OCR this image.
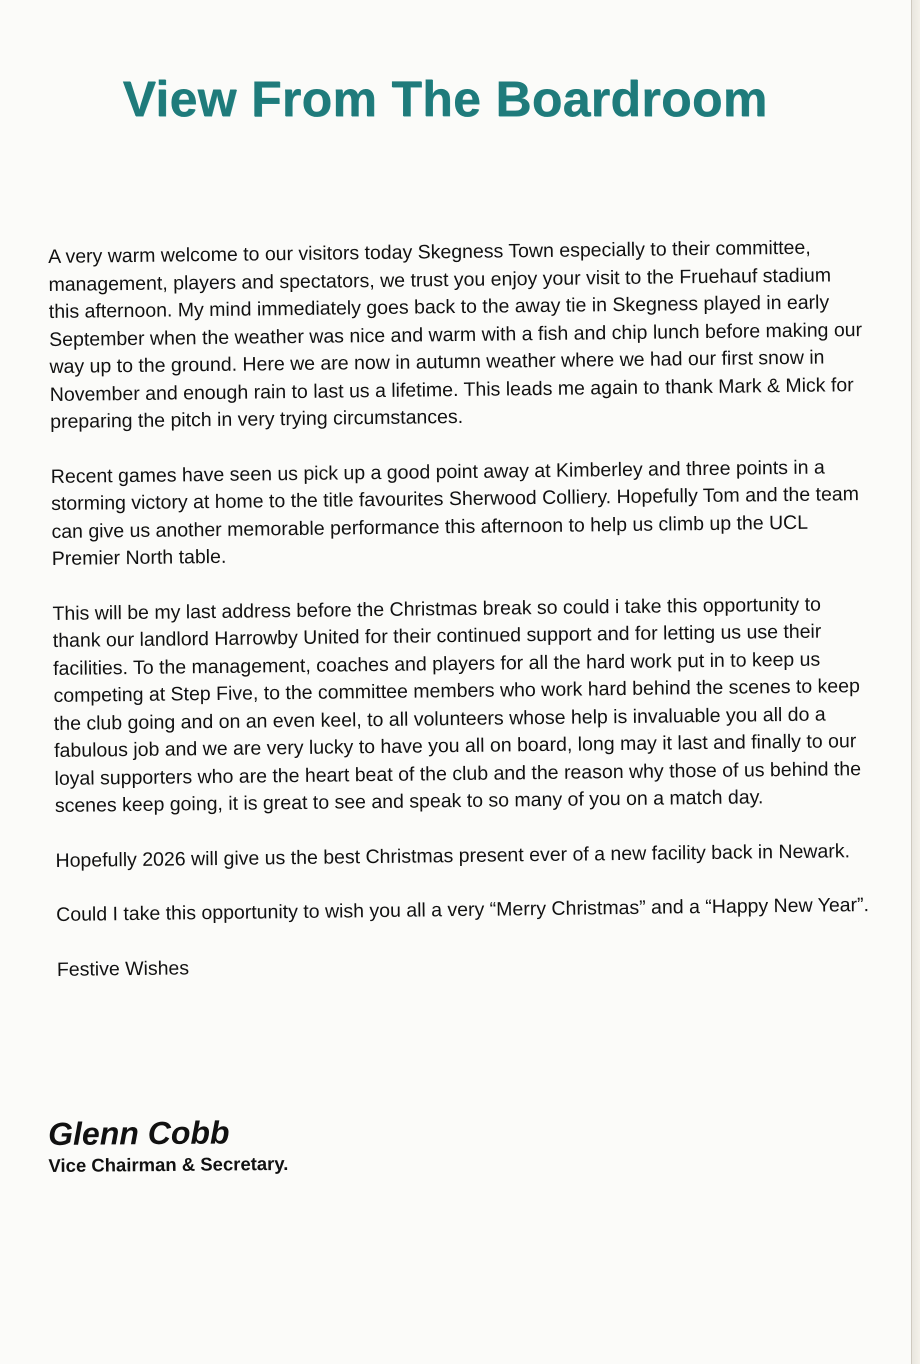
View From The Boardroom

A very warm welcome to our visitors today Skegness Town especially to their committee, management, players and spectators, we trust you enjoy your visit to the Fruehauf stadium this afternoon. My mind immediately goes back to the away tie in Skegness played in early September when the weather was nice and warm with a fish and chip lunch before making our way up to the ground. Here we are now in autumn weather where we had our first snow in November and enough rain to last us a lifetime. This leads me again to thank Mark & Mick for preparing the pitch in very trying circumstances.

Recent games have seen us pick up a good point away at Kimberley and three points in a storming victory at home to the title favourites Sherwood Colliery. Hopefully Tom and the team can give us another memorable performance this afternoon to help us climb up the UCL Premier North table.

This will be my last address before the Christmas break so could i take this opportunity to thank our landlord Harrowby United for their continued support and for letting us use their facilities. To the management, coaches and players for all the hard work put in to keep us competing at Step Five, to the committee members who work hard behind the scenes to keep the club going and on an even keel, to all volunteers whose help is invaluable you all do a fabulous job and we are very lucky to have you all on board, long may it last and finally to our loyal supporters who are the heart beat of the club and the reason why those of us behind the scenes keep going, it is great to see and speak to so many of you on a match day.

Hopefully 2026 will give us the best Christmas present ever of a new facility back in Newark.

Could I take this opportunity to wish you all a very “Merry Christmas” and a “Happy New Year”.

Festive Wishes

Glenn Cobb

Vice Chairman & Secretary.
